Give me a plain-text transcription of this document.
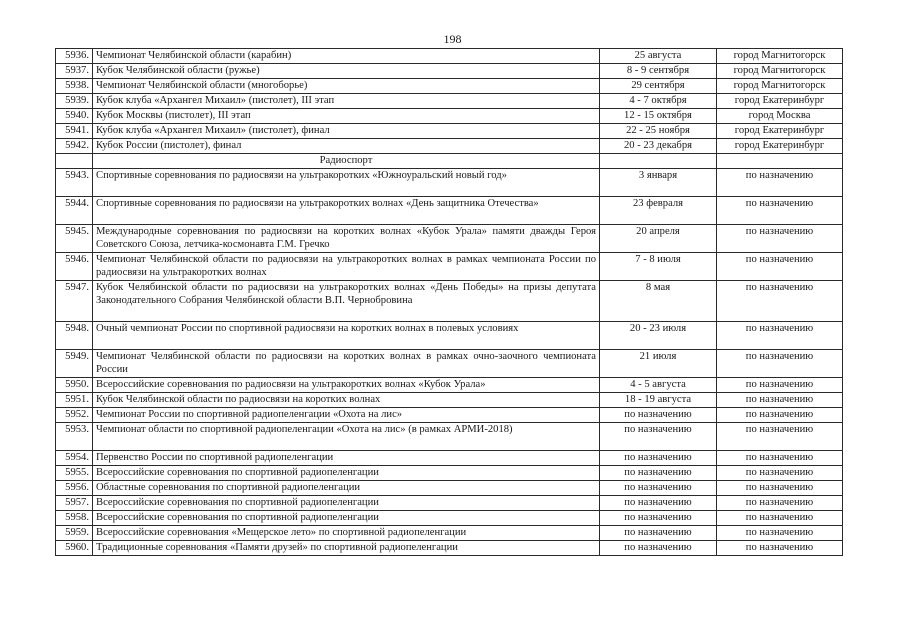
198
5936.	Чемпионат Челябинской области (карабин)	25 августа	город Магнитогорск
5937.	Кубок Челябинской области (ружье)	8 - 9 сентября	город Магнитогорск
5938.	Чемпионат Челябинской области (многоборье)	29 сентября	город Магнитогорск
5939.	Кубок клуба «Архангел Михаил» (пистолет), III этап	4 - 7 октября	город Екатеринбург
5940.	Кубок Москвы (пистолет), III этап	12 - 15 октября	город Москва
5941.	Кубок клуба «Архангел Михаил» (пистолет), финал	22 - 25 ноября	город Екатеринбург
5942.	Кубок России (пистолет), финал	20 - 23 декабря	город Екатеринбург
	Радиоспорт		
5943.	Спортивные соревнования по радиосвязи на ультракоротких «Южноуральский новый год»	3 января	по назначению
5944.	Спортивные соревнования по радиосвязи на ультракоротких волнах «День защитника Отечества»	23 февраля	по назначению
5945.	Международные соревнования по радиосвязи на коротких волнах «Кубок Урала» памяти дважды Героя Советского Союза, летчика-космонавта Г.М. Гречко	20 апреля	по назначению
5946.	Чемпионат Челябинской области по радиосвязи на ультракоротких волнах в рамках чемпионата России по радиосвязи на ультракоротких волнах	7 - 8 июля	по назначению
5947.	Кубок Челябинской области по радиосвязи на ультракоротких волнах «День Победы» на призы депутата Законодательного Собрания Челябинской области В.П. Чернобровина	8 мая	по назначению
5948.	Очный чемпионат России по спортивной радиосвязи на коротких волнах в полевых условиях	20 - 23 июля	по назначению
5949.	Чемпионат Челябинской области по радиосвязи на коротких волнах в рамках очно-заочного чемпионата России	21 июля	по назначению
5950.	Всероссийские соревнования по радиосвязи на ультракоротких волнах «Кубок Урала»	4 - 5 августа	по назначению
5951.	Кубок Челябинской области по радиосвязи на коротких волнах	18 - 19 августа	по назначению
5952.	Чемпионат России по спортивной радиопеленгации «Охота на лис»	по назначению	по назначению
5953.	Чемпионат области по спортивной радиопеленгации «Охота на лис» (в рамках АРМИ-2018)	по назначению	по назначению
5954.	Первенство России по спортивной радиопеленгации	по назначению	по назначению
5955.	Всероссийские соревнования по спортивной радиопеленгации	по назначению	по назначению
5956.	Областные соревнования по спортивной радиопеленгации	по назначению	по назначению
5957.	Всероссийские соревнования по спортивной радиопеленгации	по назначению	по назначению
5958.	Всероссийские соревнования по спортивной радиопеленгации	по назначению	по назначению
5959.	Всероссийские соревнования «Мещерское лето» по спортивной радиопеленгации	по назначению	по назначению
5960.	Традиционные соревнования «Памяти друзей» по спортивной радиопеленгации	по назначению	по назначению
